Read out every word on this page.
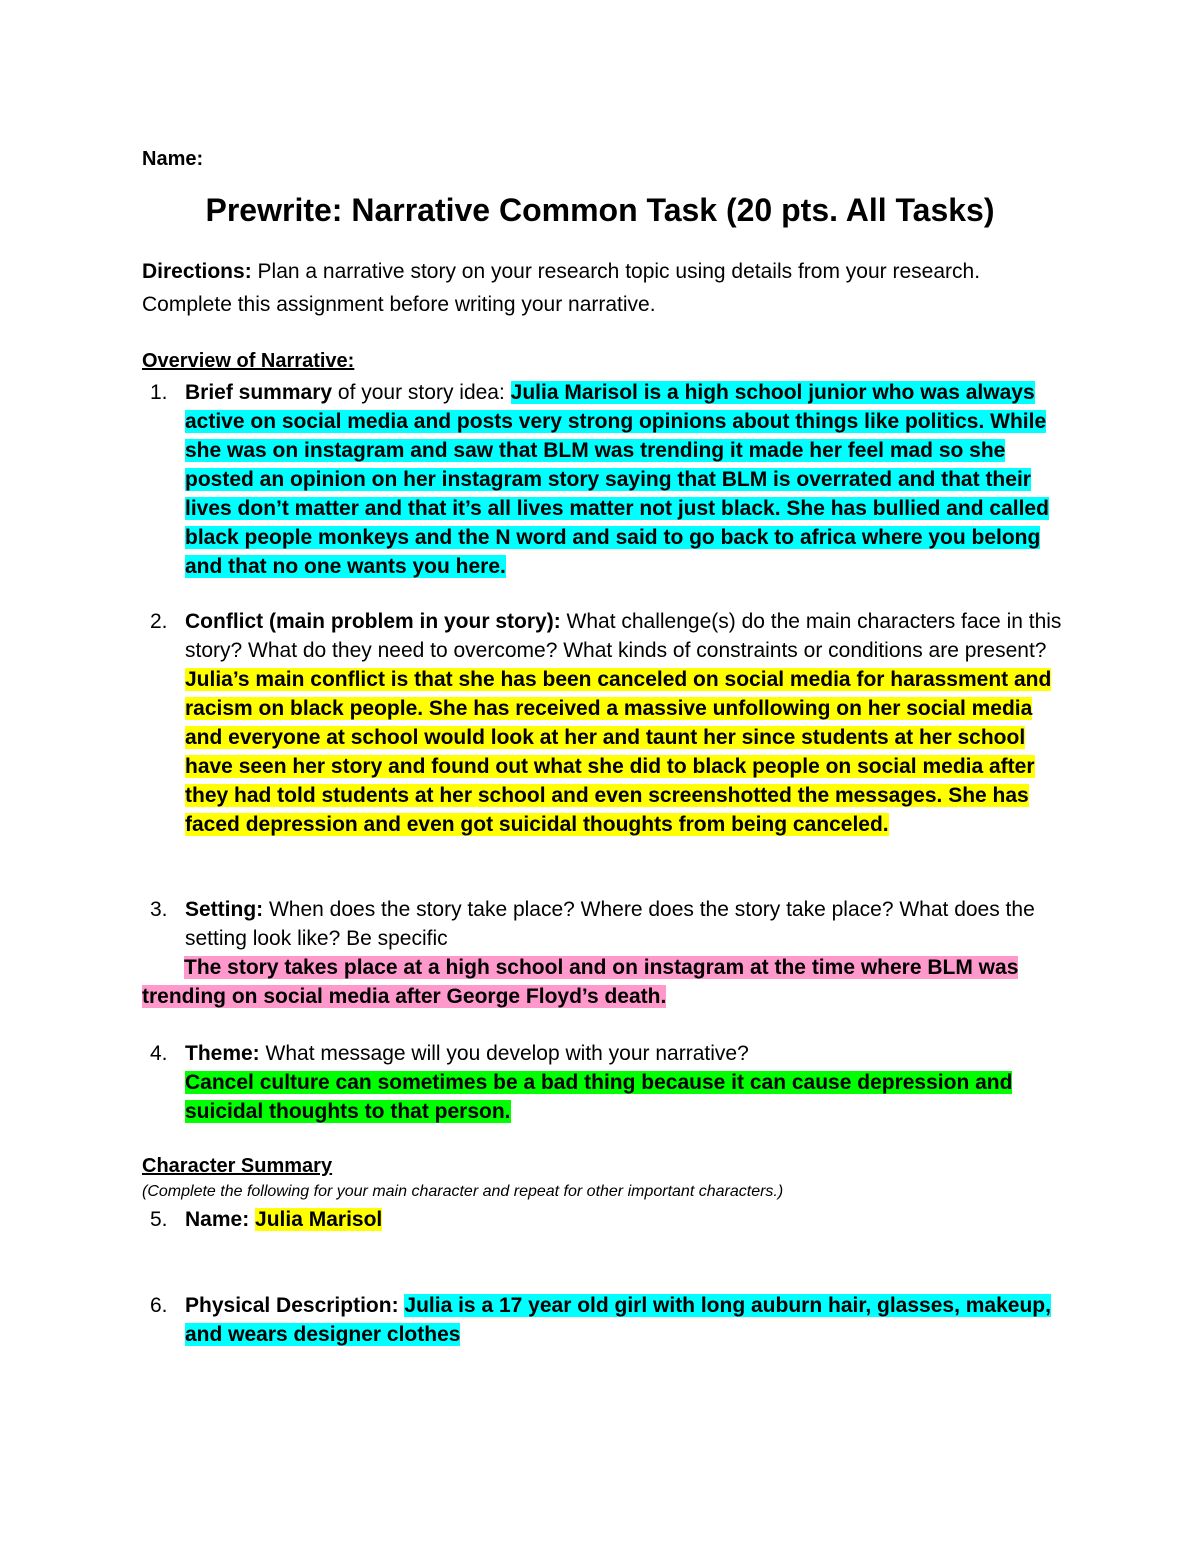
Name:
Prewrite: Narrative Common Task (20 pts. All Tasks)
Directions: Plan a narrative story on your research topic using details from your research. Complete this assignment before writing your narrative.
Overview of Narrative:
1. Brief summary of your story idea: Julia Marisol is a high school junior who was always active on social media and posts very strong opinions about things like politics. While she was on instagram and saw that BLM was trending it made her feel mad so she posted an opinion on her instagram story saying that BLM is overrated and that their lives don’t matter and that it’s all lives matter not just black. She has bullied and called black people monkeys and the N word and said to go back to africa where you belong and that no one wants you here.
2. Conflict (main problem in your story): What challenge(s) do the main characters face in this story? What do they need to overcome? What kinds of constraints or conditions are present?
Julia’s main conflict is that she has been canceled on social media for harassment and racism on black people. She has received a massive unfollowing on her social media and everyone at school would look at her and taunt her since students at her school have seen her story and found out what she did to black people on social media after they had told students at her school and even screenshotted the messages. She has faced depression and even got suicidal thoughts from being canceled.
3. Setting: When does the story take place? Where does the story take place? What does the setting look like? Be specific
The story takes place at a high school and on instagram at the time where BLM was trending on social media after George Floyd’s death.
4. Theme: What message will you develop with your narrative?
Cancel culture can sometimes be a bad thing because it can cause depression and suicidal thoughts to that person.
Character Summary
(Complete the following for your main character and repeat for other important characters.)
5. Name: Julia Marisol
6. Physical Description: Julia is a 17 year old girl with long auburn hair, glasses, makeup, and wears designer clothes
